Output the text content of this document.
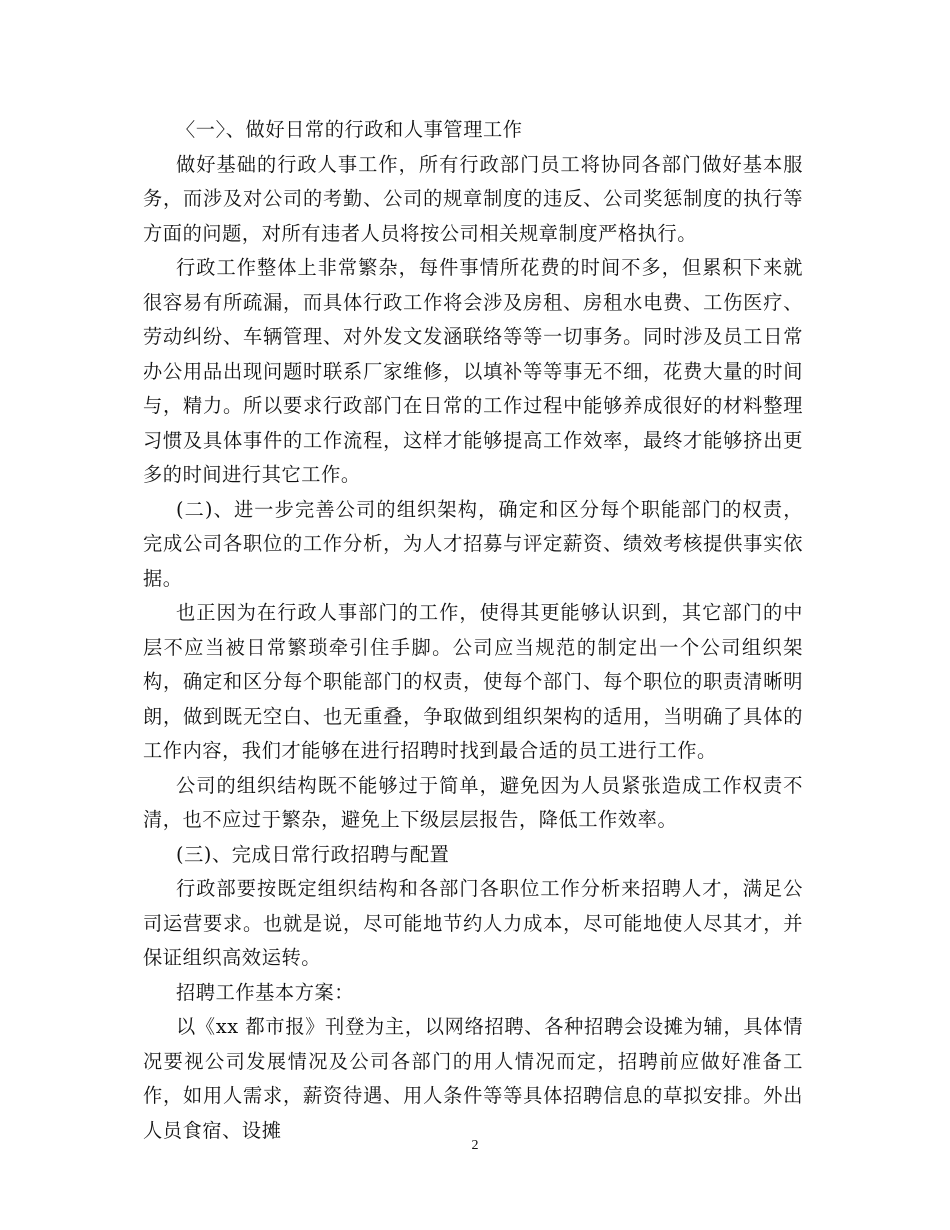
〈一〉、做好日常的行政和人事管理工作

做好基础的行政人事工作，所有行政部门员工将协同各部门做好基本服务，而涉及对公司的考勤、公司的规章制度的违反、公司奖惩制度的执行等方面的问题，对所有违者人员将按公司相关规章制度严格执行。

行政工作整体上非常繁杂，每件事情所花费的时间不多，但累积下来就很容易有所疏漏，而具体行政工作将会涉及房租、房租水电费、工伤医疗、劳动纠纷、车辆管理、对外发文发涵联络等等一切事务。同时涉及员工日常办公用品出现问题时联系厂家维修，以填补等等事无不细，花费大量的时间与，精力。所以要求行政部门在日常的工作过程中能够养成很好的材料整理习惯及具体事件的工作流程，这样才能够提高工作效率，最终才能够挤出更多的时间进行其它工作。

(二)、进一步完善公司的组织架构，确定和区分每个职能部门的权责，完成公司各职位的工作分析，为人才招募与评定薪资、绩效考核提供事实依据。

也正因为在行政人事部门的工作，使得其更能够认识到，其它部门的中层不应当被日常繁琐牵引住手脚。公司应当规范的制定出一个公司组织架构，确定和区分每个职能部门的权责，使每个部门、每个职位的职责清晰明朗，做到既无空白、也无重叠，争取做到组织架构的适用，当明确了具体的工作内容，我们才能够在进行招聘时找到最合适的员工进行工作。

公司的组织结构既不能够过于简单，避免因为人员紧张造成工作权责不清，也不应过于繁杂，避免上下级层层报告，降低工作效率。

(三)、完成日常行政招聘与配置

行政部要按既定组织结构和各部门各职位工作分析来招聘人才，满足公司运营要求。也就是说，尽可能地节约人力成本，尽可能地使人尽其才，并保证组织高效运转。

招聘工作基本方案：

以《xx 都市报》刊登为主，以网络招聘、各种招聘会设摊为辅，具体情况要视公司发展情况及公司各部门的用人情况而定，招聘前应做好准备工作，如用人需求，薪资待遇、用人条件等等具体招聘信息的草拟安排。外出人员食宿、设摊

2
